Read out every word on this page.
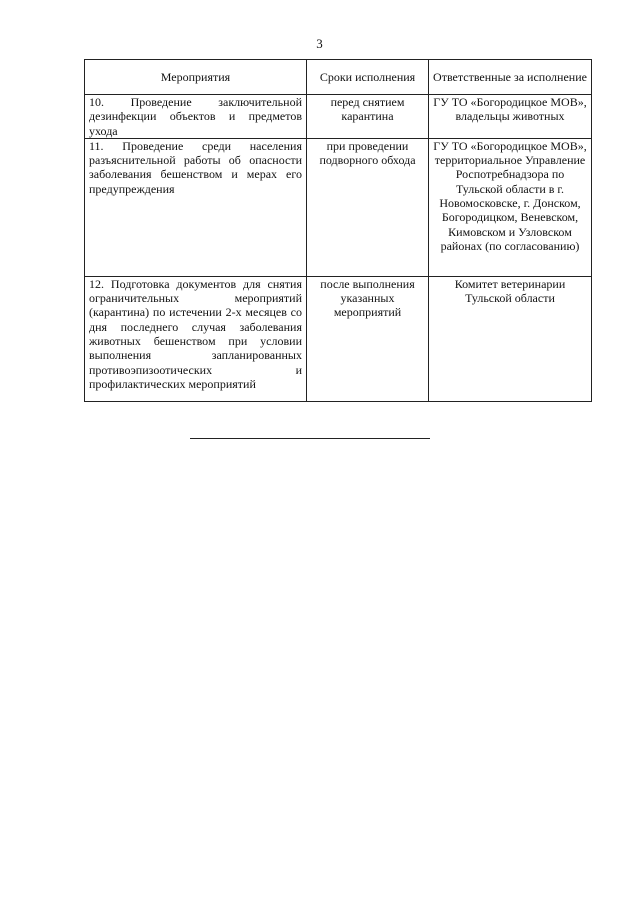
3
Мероприятия	Сроки исполнения	Ответственные за исполнение
10. Проведение заключительной дезинфекции объектов и предметов ухода	перед снятием карантина	ГУ ТО «Богородицкое МОВ», владельцы животных
11. Проведение среди населения разъяснительной работы об опасности заболевания бешенством и мерах его предупреждения	при проведении подворного обхода	ГУ ТО «Богородицкое МОВ», территориальное Управление Роспотребнадзора по Тульской области в г. Новомосковске, г. Донском, Богородицком, Веневском, Кимовском и Узловском районах (по согласованию)
12. Подготовка документов для снятия ограничительных мероприятий (карантина) по истечении 2-х месяцев со дня последнего случая заболевания животных бешенством при условии выполнения запланированных противоэпизоотических и профилактических мероприятий	после выполнения указанных мероприятий	Комитет ветеринарии Тульской области
